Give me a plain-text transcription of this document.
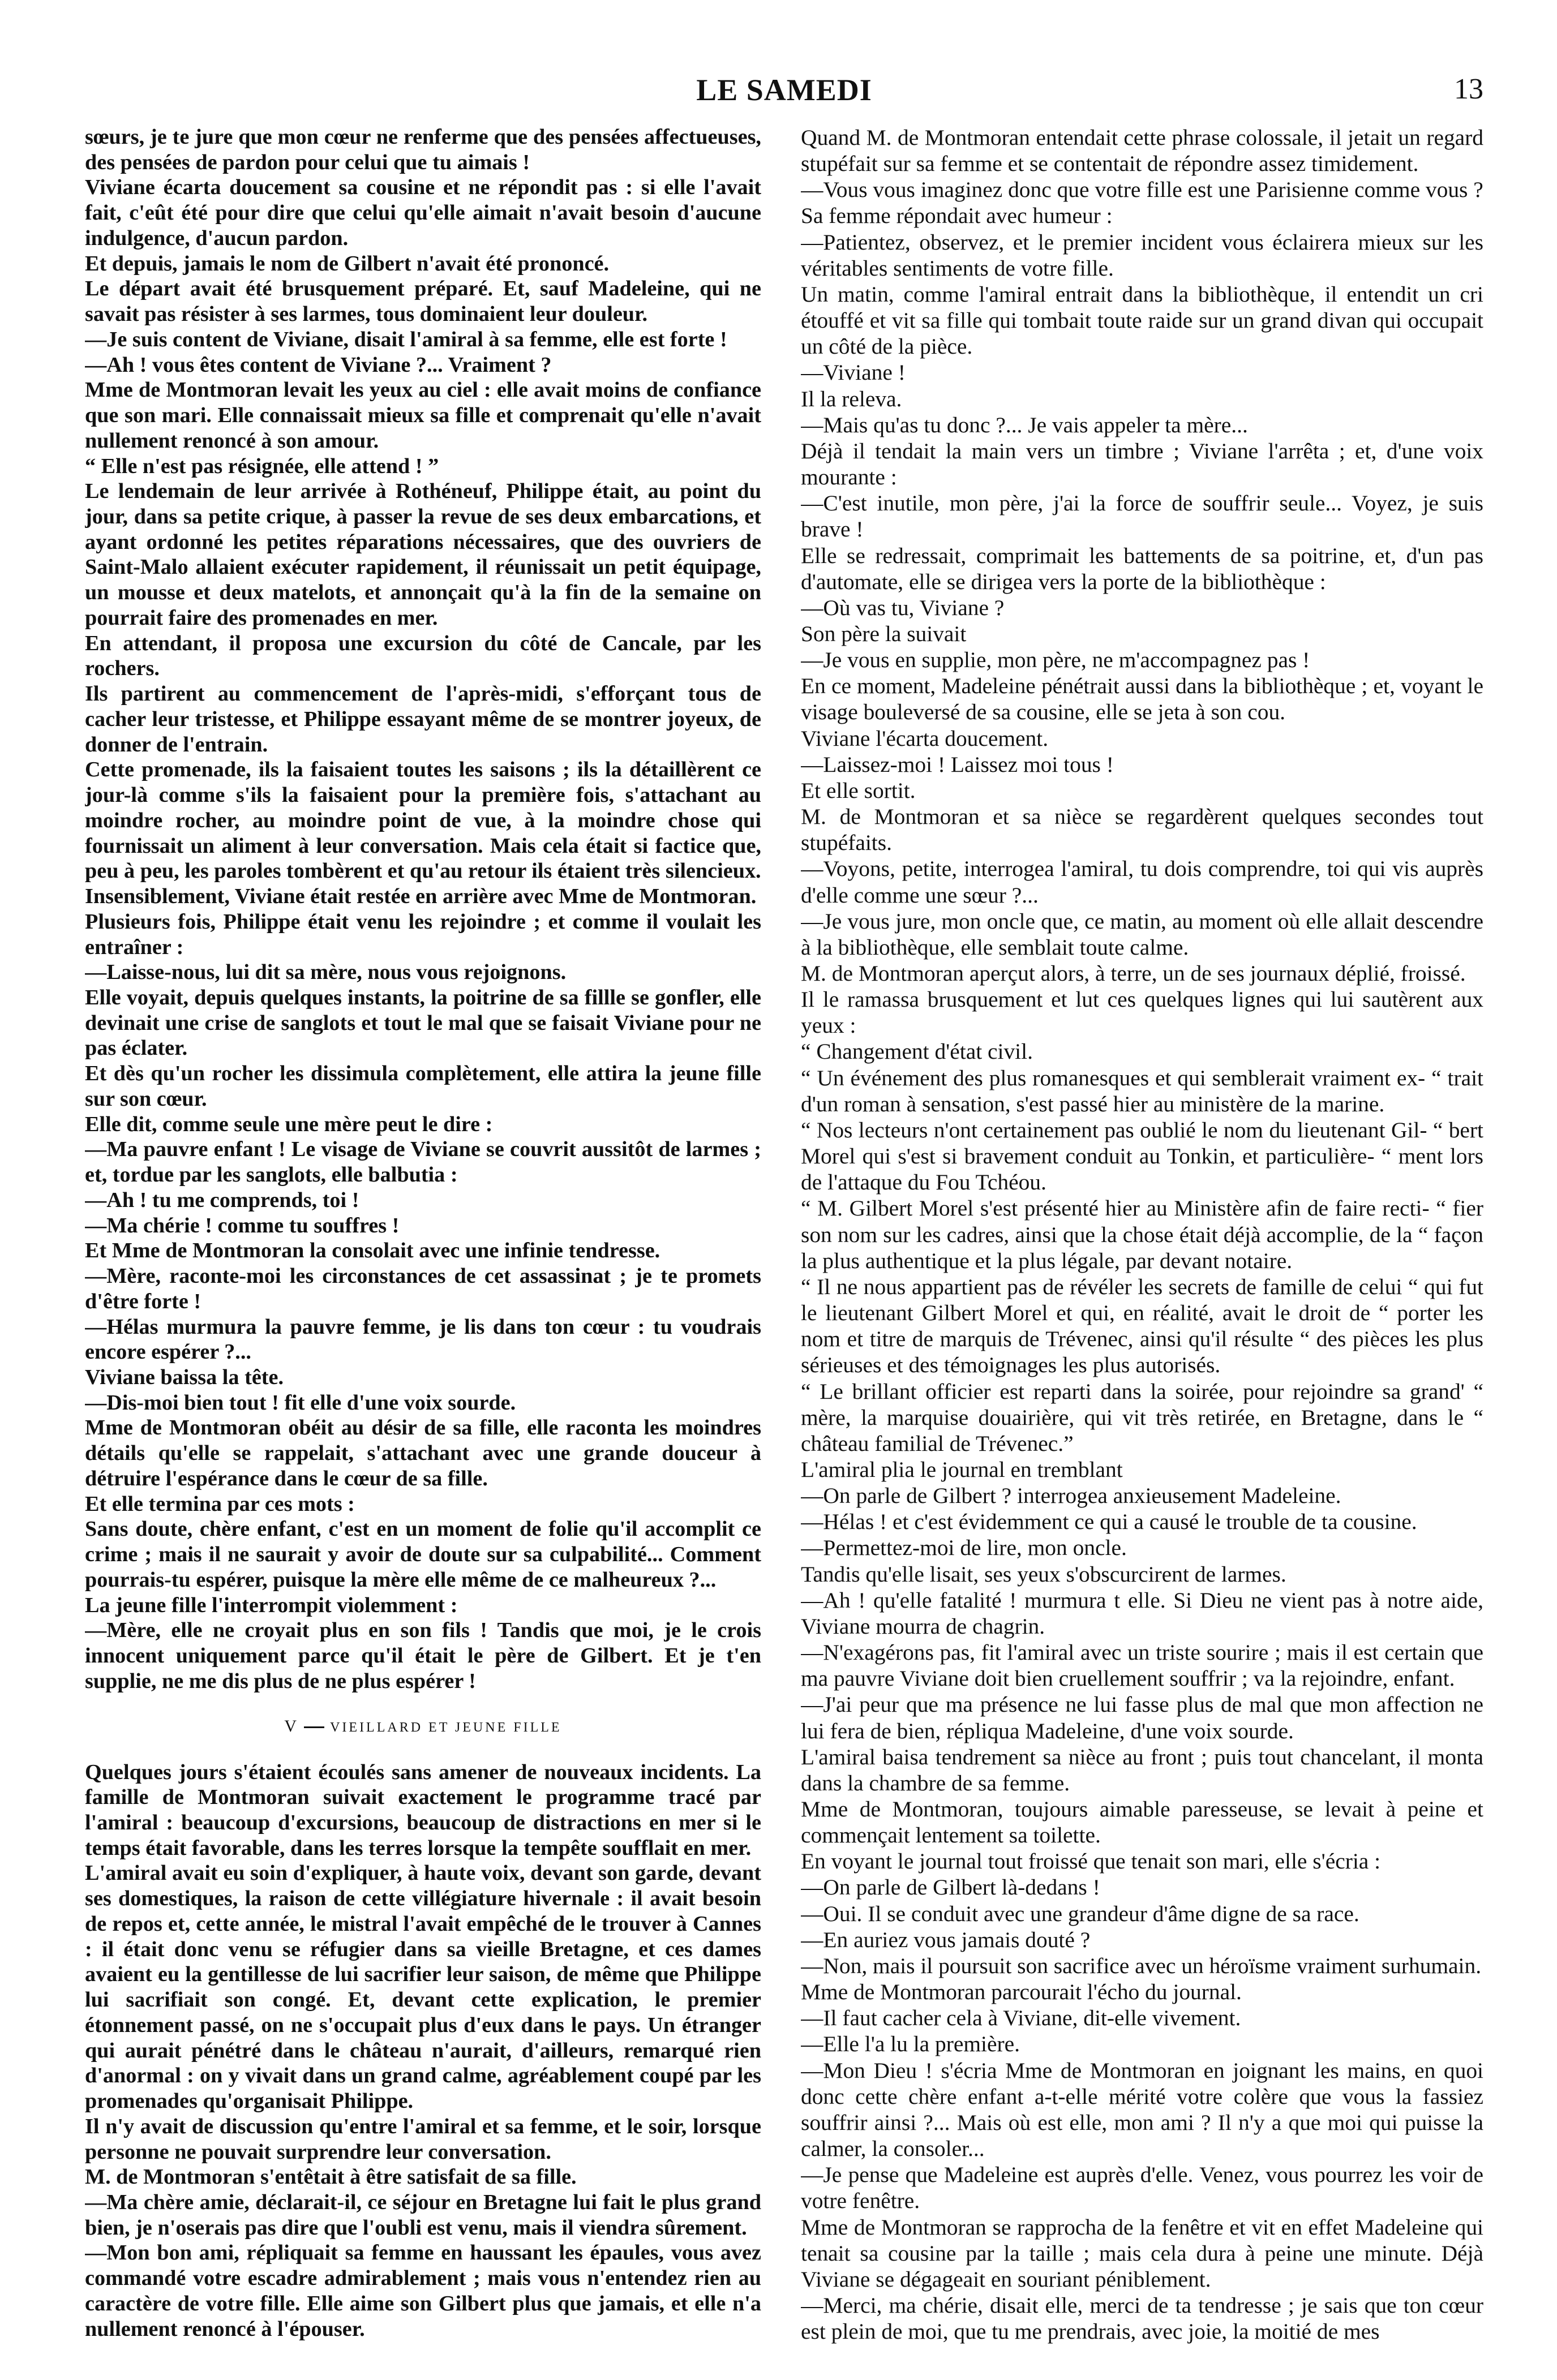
LE SAMEDI	13

sœurs, je te jure que mon cœur ne renferme que des pensées affectueuses, des pensées de pardon pour celui que tu aimais !

Viviane écarta doucement sa cousine et ne répondit pas : si elle l'avait fait, c'eût été pour dire que celui qu'elle aimait n'avait besoin d'aucune indulgence, d'aucun pardon.

Et depuis, jamais le nom de Gilbert n'avait été prononcé.

Le départ avait été brusquement préparé. Et, sauf Madeleine, qui ne savait pas résister à ses larmes, tous dominaient leur douleur.

—Je suis content de Viviane, disait l'amiral à sa femme, elle est forte !

—Ah ! vous êtes content de Viviane ?... Vraiment ?

Mme de Montmoran levait les yeux au ciel : elle avait moins de confiance que son mari. Elle connaissait mieux sa fille et comprenait qu'elle n'avait nullement renoncé à son amour.

“ Elle n'est pas résignée, elle attend ! ”

Le lendemain de leur arrivée à Rothéneuf, Philippe était, au point du jour, dans sa petite crique, à passer la revue de ses deux embarcations, et ayant ordonné les petites réparations nécessaires, que des ouvriers de Saint-Malo allaient exécuter rapidement, il réunissait un petit équipage, un mousse et deux matelots, et annonçait qu'à la fin de la semaine on pourrait faire des promenades en mer.

En attendant, il proposa une excursion du côté de Cancale, par les rochers.

Ils partirent au commencement de l'après-midi, s'efforçant tous de cacher leur tristesse, et Philippe essayant même de se montrer joyeux, de donner de l'entrain.

Cette promenade, ils la faisaient toutes les saisons ; ils la détaillèrent ce jour-là comme s'ils la faisaient pour la première fois, s'attachant au moindre rocher, au moindre point de vue, à la moindre chose qui fournissait un aliment à leur conversation. Mais cela était si factice que, peu à peu, les paroles tombèrent et qu'au retour ils étaient très silencieux.

Insensiblement, Viviane était restée en arrière avec Mme de Montmoran.

Plusieurs fois, Philippe était venu les rejoindre ; et comme il voulait les entraîner :

—Laisse-nous, lui dit sa mère, nous vous rejoignons.

Elle voyait, depuis quelques instants, la poitrine de sa fillle se gonfler, elle devinait une crise de sanglots et tout le mal que se faisait Viviane pour ne pas éclater.

Et dès qu'un rocher les dissimula complètement, elle attira la jeune fille sur son cœur.

Elle dit, comme seule une mère peut le dire :

—Ma pauvre enfant ! Le visage de Viviane se couvrit aussitôt de larmes ; et, tordue par les sanglots, elle balbutia :

—Ah ! tu me comprends, toi !

—Ma chérie ! comme tu souffres !

Et Mme de Montmoran la consolait avec une infinie tendresse.

—Mère, raconte-moi les circonstances de cet assassinat ; je te promets d'être forte !

—Hélas murmura la pauvre femme, je lis dans ton cœur : tu voudrais encore espérer ?...

Viviane baissa la tête.

—Dis-moi bien tout ! fit elle d'une voix sourde.

Mme de Montmoran obéit au désir de sa fille, elle raconta les moindres détails qu'elle se rappelait, s'attachant avec une grande douceur à détruire l'espérance dans le cœur de sa fille.

Et elle termina par ces mots :

Sans doute, chère enfant, c'est en un moment de folie qu'il accomplit ce crime ; mais il ne saurait y avoir de doute sur sa culpabilité... Comment pourrais-tu espérer, puisque la mère elle même de ce malheureux ?...

La jeune fille l'interrompit violemment :

—Mère, elle ne croyait plus en son fils ! Tandis que moi, je le crois innocent uniquement parce qu'il était le père de Gilbert. Et je t'en supplie, ne me dis plus de ne plus espérer !

V VIEILLARD ET JEUNE FILLE

Quelques jours s'étaient écoulés sans amener de nouveaux incidents. La famille de Montmoran suivait exactement le programme tracé par l'amiral : beaucoup d'excursions, beaucoup de distractions en mer si le temps était favorable, dans les terres lorsque la tempête soufflait en mer.

L'amiral avait eu soin d'expliquer, à haute voix, devant son garde, devant ses domestiques, la raison de cette villégiature hivernale : il avait besoin de repos et, cette année, le mistral l'avait empêché de le trouver à Cannes : il était donc venu se réfugier dans sa vieille Bretagne, et ces dames avaient eu la gentillesse de lui sacrifier leur saison, de même que Philippe lui sacrifiait son congé. Et, devant cette explication, le premier étonnement passé, on ne s'occupait plus d'eux dans le pays. Un étranger qui aurait pénétré dans le château n'aurait, d'ailleurs, remarqué rien d'anormal : on y vivait dans un grand calme, agréablement coupé par les promenades qu'organisait Philippe.

Il n'y avait de discussion qu'entre l'amiral et sa femme, et le soir, lorsque personne ne pouvait surprendre leur conversation.

M. de Montmoran s'entêtait à être satisfait de sa fille.

—Ma chère amie, déclarait-il, ce séjour en Bretagne lui fait le plus grand bien, je n'oserais pas dire que l'oubli est venu, mais il viendra sûrement.

—Mon bon ami, répliquait sa femme en haussant les épaules, vous avez commandé votre escadre admirablement ; mais vous n'entendez rien au caractère de votre fille. Elle aime son Gilbert plus que jamais, et elle n'a nullement renoncé à l'épouser.

Quand M. de Montmoran entendait cette phrase colossale, il jetait un regard stupéfait sur sa femme et se contentait de répondre assez timidement.

—Vous vous imaginez donc que votre fille est une Parisienne comme vous ?

Sa femme répondait avec humeur :

—Patientez, observez, et le premier incident vous éclairera mieux sur les véritables sentiments de votre fille.

Un matin, comme l'amiral entrait dans la bibliothèque, il entendit un cri étouffé et vit sa fille qui tombait toute raide sur un grand divan qui occupait un côté de la pièce.

—Viviane !

Il la releva.

—Mais qu'as tu donc ?... Je vais appeler ta mère...

Déjà il tendait la main vers un timbre ; Viviane l'arrêta ; et, d'une voix mourante :

—C'est inutile, mon père, j'ai la force de souffrir seule... Voyez, je suis brave !

Elle se redressait, comprimait les battements de sa poitrine, et, d'un pas d'automate, elle se dirigea vers la porte de la bibliothèque :

—Où vas tu, Viviane ?

Son père la suivait

—Je vous en supplie, mon père, ne m'accompagnez pas !

En ce moment, Madeleine pénétrait aussi dans la bibliothèque ; et, voyant le visage bouleversé de sa cousine, elle se jeta à son cou.

Viviane l'écarta doucement.

—Laissez-moi ! Laissez moi tous !

Et elle sortit.

M. de Montmoran et sa nièce se regardèrent quelques secondes tout stupéfaits.

—Voyons, petite, interrogea l'amiral, tu dois comprendre, toi qui vis auprès d'elle comme une sœur ?...

—Je vous jure, mon oncle que, ce matin, au moment où elle allait descendre à la bibliothèque, elle semblait toute calme.

M. de Montmoran aperçut alors, à terre, un de ses journaux déplié, froissé.

Il le ramassa brusquement et lut ces quelques lignes qui lui sautèrent aux yeux :

“ Changement d'état civil.

“ Un événement des plus romanesques et qui semblerait vraiment ex- “ trait d'un roman à sensation, s'est passé hier au ministère de la marine.

“ Nos lecteurs n'ont certainement pas oublié le nom du lieutenant Gil- “ bert Morel qui s'est si bravement conduit au Tonkin, et particulière- “ ment lors de l'attaque du Fou Tchéou.

“ M. Gilbert Morel s'est présenté hier au Ministère afin de faire recti- “ fier son nom sur les cadres, ainsi que la chose était déjà accomplie, de la “ façon la plus authentique et la plus légale, par devant notaire.

“ Il ne nous appartient pas de révéler les secrets de famille de celui “ qui fut le lieutenant Gilbert Morel et qui, en réalité, avait le droit de “ porter les nom et titre de marquis de Trévenec, ainsi qu'il résulte “ des pièces les plus sérieuses et des témoignages les plus autorisés.

“ Le brillant officier est reparti dans la soirée, pour rejoindre sa grand' “ mère, la marquise douairière, qui vit très retirée, en Bretagne, dans le “ château familial de Trévenec.”

L'amiral plia le journal en tremblant

—On parle de Gilbert ? interrogea anxieusement Madeleine.

—Hélas ! et c'est évidemment ce qui a causé le trouble de ta cousine.

—Permettez-moi de lire, mon oncle.

Tandis qu'elle lisait, ses yeux s'obscurcirent de larmes.

—Ah ! qu'elle fatalité ! murmura t elle. Si Dieu ne vient pas à notre aide, Viviane mourra de chagrin.

—N'exagérons pas, fit l'amiral avec un triste sourire ; mais il est certain que ma pauvre Viviane doit bien cruellement souffrir ; va la rejoindre, enfant.

—J'ai peur que ma présence ne lui fasse plus de mal que mon affection ne lui fera de bien, répliqua Madeleine, d'une voix sourde.

L'amiral baisa tendrement sa nièce au front ; puis tout chancelant, il monta dans la chambre de sa femme.

Mme de Montmoran, toujours aimable paresseuse, se levait à peine et commençait lentement sa toilette.

En voyant le journal tout froissé que tenait son mari, elle s'écria :

—On parle de Gilbert là-dedans !

—Oui. Il se conduit avec une grandeur d'âme digne de sa race.

—En auriez vous jamais douté ?

—Non, mais il poursuit son sacrifice avec un héroïsme vraiment surhumain.

Mme de Montmoran parcourait l'écho du journal.

—Il faut cacher cela à Viviane, dit-elle vivement.

—Elle l'a lu la première.

—Mon Dieu ! s'écria Mme de Montmoran en joignant les mains, en quoi donc cette chère enfant a-t-elle mérité votre colère que vous la fassiez souffrir ainsi ?... Mais où est elle, mon ami ? Il n'y a que moi qui puisse la calmer, la consoler...

—Je pense que Madeleine est auprès d'elle. Venez, vous pourrez les voir de votre fenêtre.

Mme de Montmoran se rapprocha de la fenêtre et vit en effet Madeleine qui tenait sa cousine par la taille ; mais cela dura à peine une minute. Déjà Viviane se dégageait en souriant péniblement.

—Merci, ma chérie, disait elle, merci de ta tendresse ; je sais que ton cœur est plein de moi, que tu me prendrais, avec joie, la moitié de mes
